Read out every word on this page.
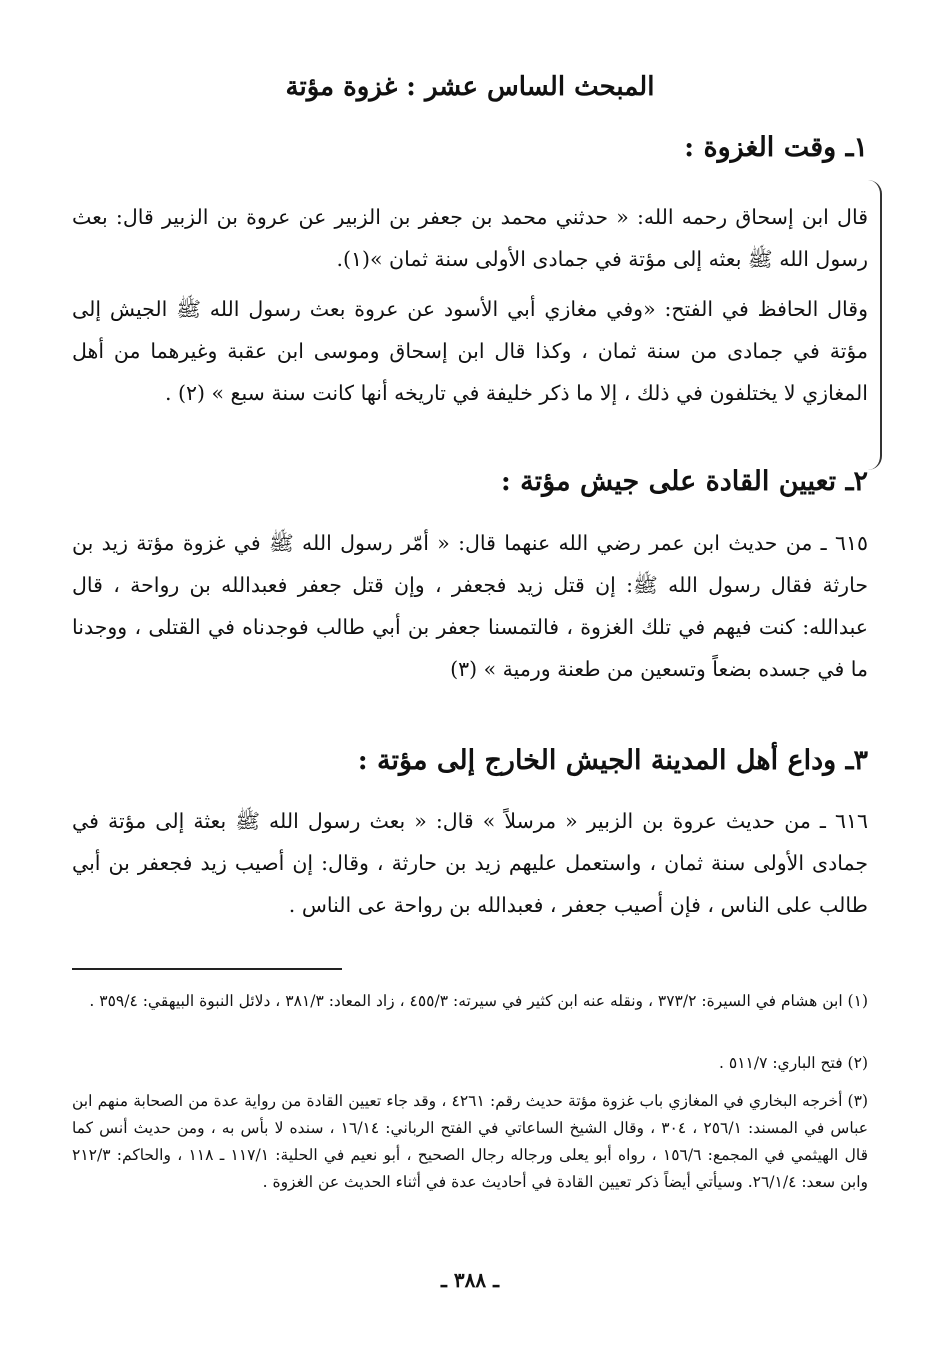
المبحث الساس عشر : غزوة مؤتة
١ـ وقت الغزوة :
قال ابن إسحاق رحمه الله: « حدثني محمد بن جعفر بن الزبير عن عروة بن الزبير قال: بعث رسول الله ﷺ بعثه إلى مؤتة في جمادى الأولى سنة ثمان »(١).
وقال الحافظ في الفتح: «وفي مغازي أبي الأسود عن عروة بعث رسول الله ﷺ الجيش إلى مؤتة في جمادى من سنة ثمان ، وكذا قال ابن إسحاق وموسى ابن عقبة وغيرهما من أهل المغازي لا يختلفون في ذلك ، إلا ما ذكر خليفة في تاريخه أنها كانت سنة سبع » (٢) .
٢ـ تعيين القادة على جيش مؤتة :
٦١٥ ـ من حديث ابن عمر رضي الله عنهما قال: « أمّر رسول الله ﷺ في غزوة مؤتة زيد بن حارثة فقال رسول الله ﷺ: إن قتل زيد فجعفر ، وإن قتل جعفر فعبدالله بن رواحة ، قال عبدالله: كنت فيهم في تلك الغزوة ، فالتمسنا جعفر بن أبي طالب فوجدناه في القتلى ، ووجدنا ما في جسده بضعاً وتسعين من طعنة ورمية » (٣)
٣ـ وداع أهل المدينة الجيش الخارج إلى مؤتة :
٦١٦ ـ من حديث عروة بن الزبير « مرسلاً » قال: « بعث رسول الله ﷺ بعثة إلى مؤتة في جمادى الأولى سنة ثمان ، واستعمل عليهم زيد بن حارثة ، وقال: إن أصيب زيد فجعفر بن أبي طالب على الناس ، فإن أصيب جعفر ، فعبدالله بن رواحة عى الناس .
(١) ابن هشام في السيرة: ٣٧٣/٢ ، ونقله عنه ابن كثير في سيرته: ٤٥٥/٣ ، زاد المعاد: ٣٨١/٣ ، دلائل النبوة البيهقي: ٣٥٩/٤ .
(٢) فتح الباري: ٥١١/٧ .
(٣) أخرجه البخاري في المغازي باب غزوة مؤتة حديث رقم: ٤٢٦١ ، وقد جاء تعيين القادة من رواية عدة من الصحابة منهم ابن عباس في المسند: ٢٥٦/١ ، ٣٠٤ ، وقال الشيخ الساعاتي في الفتح الرباني: ١٦/١٤ ، سنده لا بأس به ، ومن حديث أنس كما قال الهيثمي في المجمع: ١٥٦/٦ ، رواه أبو يعلى ورجاله رجال الصحيح ، أبو نعيم في الحلية: ١١٧/١ ـ ١١٨ ، والحاكم: ٢١٢/٣ وابن سعد: ٢٦/١/٤. وسيأتي أيضاً ذكر تعيين القادة في أحاديث عدة في أثناء الحديث عن الغزوة .
ـ ٣٨٨ ـ
